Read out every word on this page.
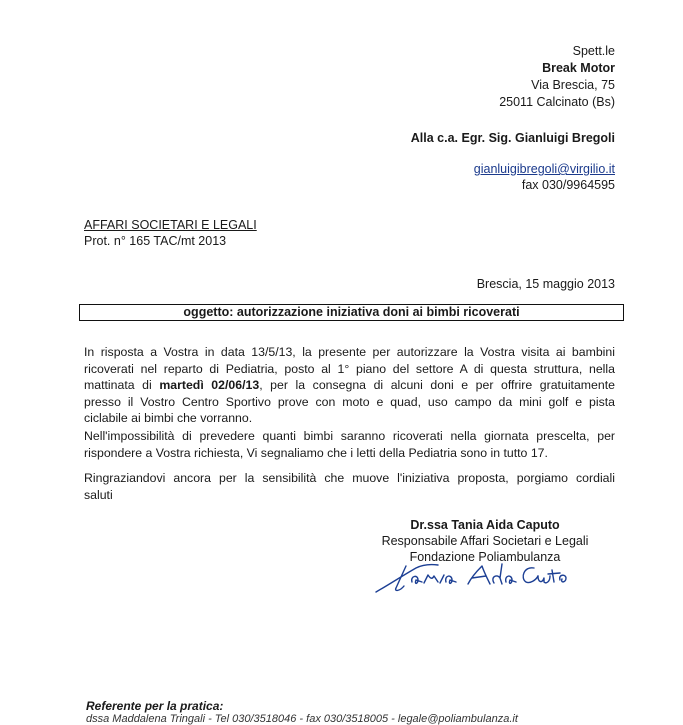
Spett.le
Break Motor
Via Brescia, 75
25011 Calcinato (Bs)
Alla c.a. Egr. Sig. Gianluigi Bregoli
gianluigibregoli@virgilio.it
fax 030/9964595
AFFARI SOCIETARI E LEGALI
Prot. n° 165 TAC/mt 2013
Brescia, 15 maggio 2013
oggetto: autorizzazione iniziativa doni ai bimbi ricoverati
In risposta a Vostra in data 13/5/13, la presente per autorizzare la Vostra visita ai bambini
ricoverati nel reparto di Pediatria, posto al 1° piano del settore A di questa struttura, nella
mattinata di martedì 02/06/13, per la consegna di alcuni doni e per offrire gratuitamente
presso il Vostro Centro Sportivo prove con moto e quad, uso campo da mini golf e pista
ciclabile ai bimbi che vorranno.
Nell'impossibilità di prevedere quanti bimbi saranno ricoverati nella giornata prescelta, per
rispondere a Vostra richiesta, Vi segnaliamo che i letti della Pediatria sono in tutto 17.
Ringraziandovi ancora per la sensibilità che muove l'iniziativa proposta, porgiamo cordiali
saluti
Dr.ssa Tania Aida Caputo
Responsabile Affari Societari e Legali
Fondazione Poliambulanza
Referente per la pratica:
dssa Maddalena Tringali - Tel 030/3518046 - fax 030/3518005 - legale@poliambulanza.it
